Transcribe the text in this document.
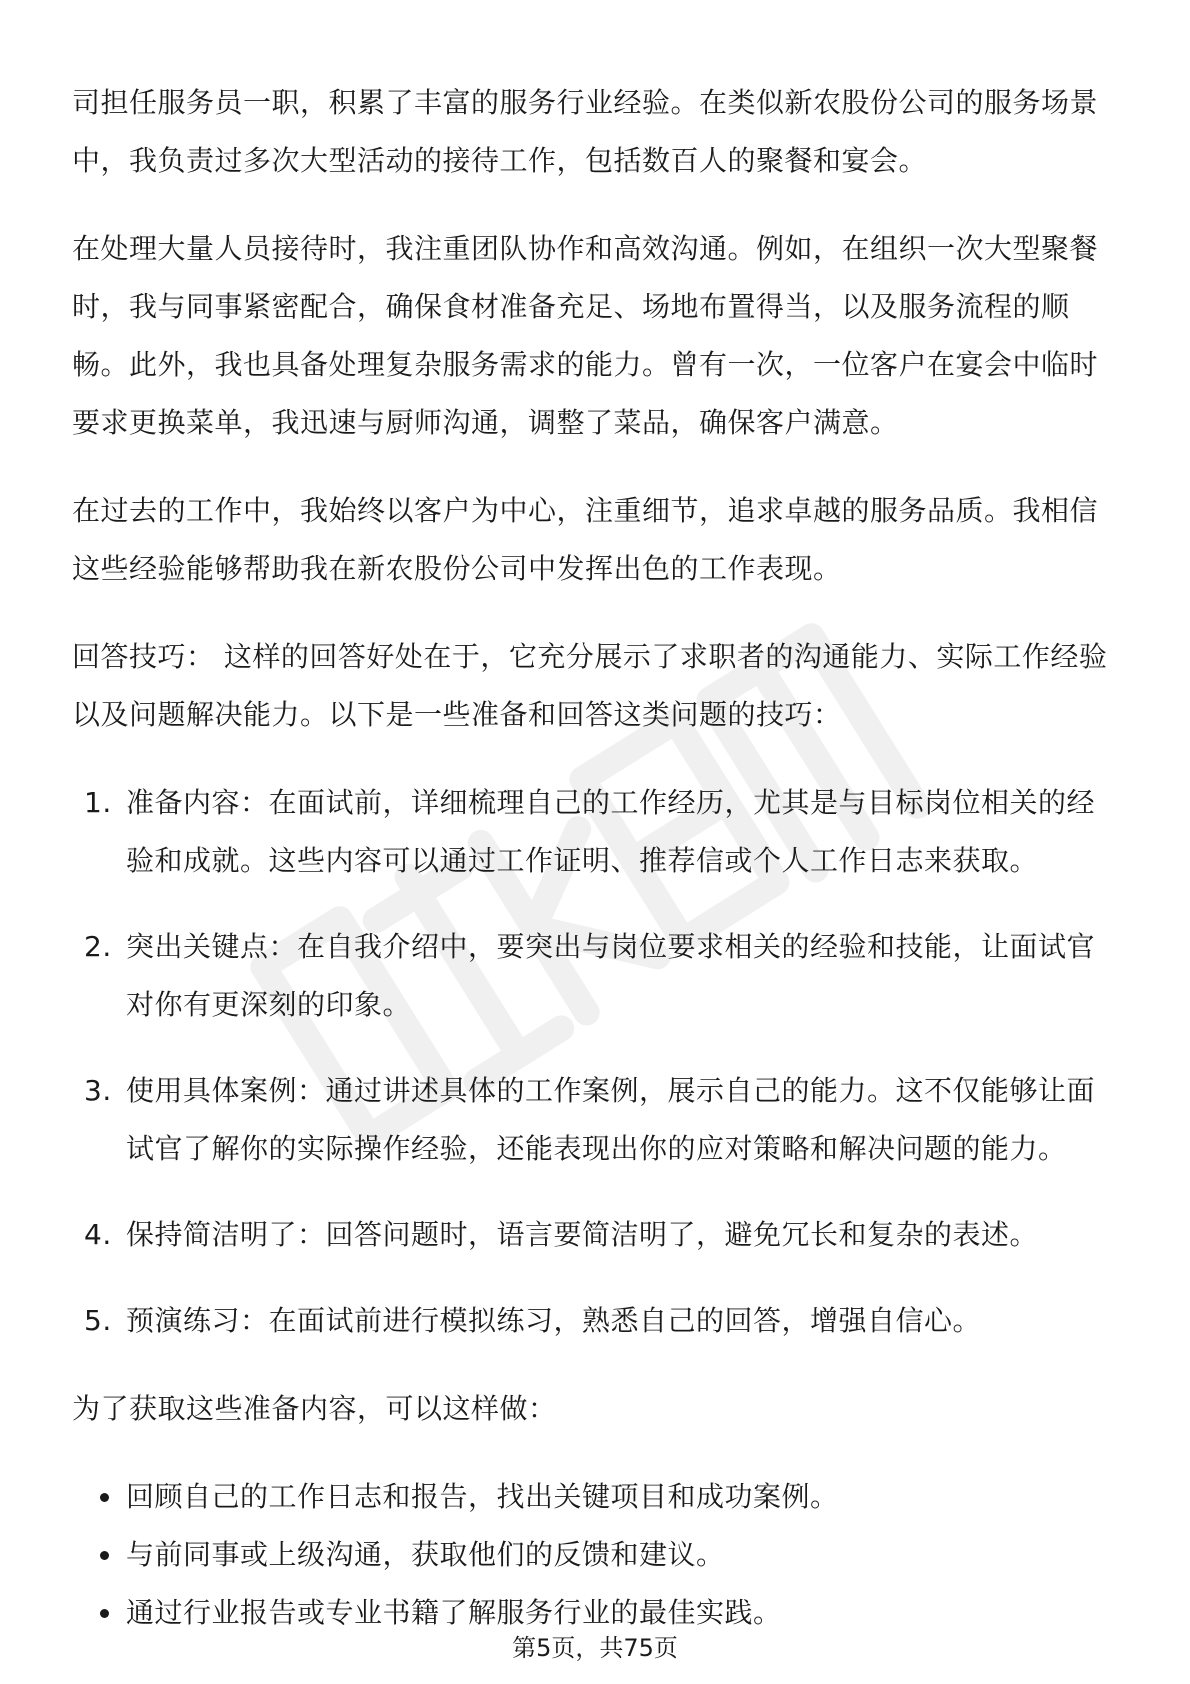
司担任服务员一职，积累了丰富的服务行业经验。在类似新农股份公司的服务场景中，我负责过多次大型活动的接待工作，包括数百人的聚餐和宴会。

在处理大量人员接待时，我注重团队协作和高效沟通。例如，在组织一次大型聚餐时，我与同事紧密配合，确保食材准备充足、场地布置得当，以及服务流程的顺畅。此外，我也具备处理复杂服务需求的能力。曾有一次，一位客户在宴会中临时要求更换菜单，我迅速与厨师沟通，调整了菜品，确保客户满意。

在过去的工作中，我始终以客户为中心，注重细节，追求卓越的服务品质。我相信这些经验能够帮助我在新农股份公司中发挥出色的工作表现。

回答技巧： 这样的回答好处在于，它充分展示了求职者的沟通能力、实际工作经验以及问题解决能力。以下是一些准备和回答这类问题的技巧：

1. 准备内容：在面试前，详细梳理自己的工作经历，尤其是与目标岗位相关的经验和成就。这些内容可以通过工作证明、推荐信或个人工作日志来获取。
2. 突出关键点：在自我介绍中，要突出与岗位要求相关的经验和技能，让面试官对你有更深刻的印象。
3. 使用具体案例：通过讲述具体的工作案例，展示自己的能力。这不仅能够让面试官了解你的实际操作经验，还能表现出你的应对策略和解决问题的能力。
4. 保持简洁明了：回答问题时，语言要简洁明了，避免冗长和复杂的表述。
5. 预演练习：在面试前进行模拟练习，熟悉自己的回答，增强自信心。

为了获取这些准备内容，可以这样做：

回顾自己的工作日志和报告，找出关键项目和成功案例。
与前同事或上级沟通，获取他们的反馈和建议。
通过行业报告或专业书籍了解服务行业的最佳实践。
第5页，共75页
